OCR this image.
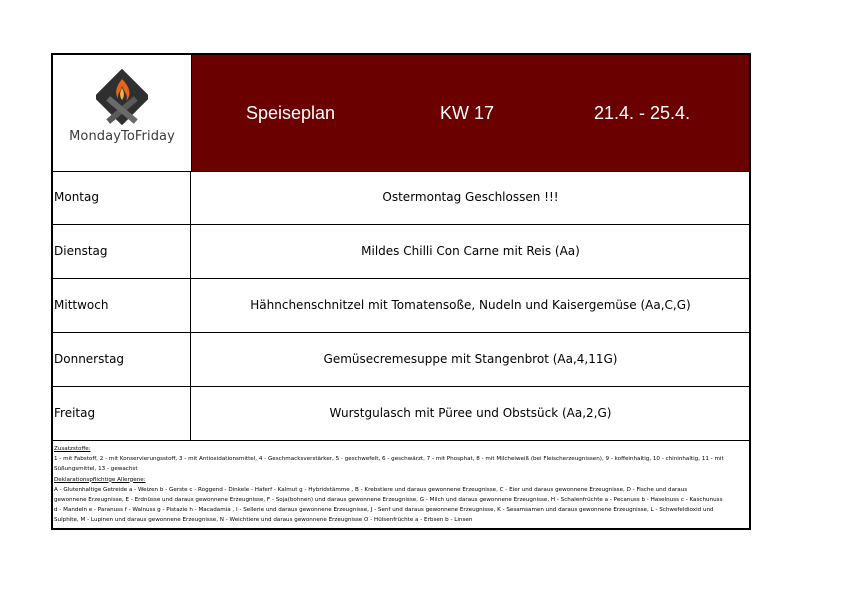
MondayToFriday
Speiseplan	KW 17	21.4. - 25.4.
Montag	Ostermontag Geschlossen !!!
Dienstag	Mildes Chilli Con Carne mit Reis (Aa)
Mittwoch	Hähnchenschnitzel mit Tomatensoße, Nudeln und Kaisergemüse (Aa,C,G)
Donnerstag	Gemüsecremesuppe mit Stangenbrot (Aa,4,11G)
Freitag	Wurstgulasch mit Püree und Obstsück (Aa,2,G)
Zusatzstoffe:
1 - mit Fabstoff, 2 - mit Konservierungsstoff, 3 - mit Antioxidationsmittel, 4 - Geschmacksverstärker, 5 - geschwefelt, 6 - geschwärzt, 7 - mit Phosphat, 8 - mit Milcheiweiß (bei Fleischerzeugnissen), 9 - koffeinhaltig, 10 - chininhaltig, 11 - mit
Süßungsmittel, 13 - gewachst
Deklarationspflichtige Allergene:
A - Glutenhaltige Getreide a - Weizen b - Gerste c - Roggend - Dinkele - Haferf - Kalmut g - Hybridstämme , B - Krebstiere und daraus gewonnene Erzeugnisse, C - Eier und daraus gewonnene Erzeugnisse, D - Fische und daraus
gewonnene Erzeugnisse, E - Erdnüsse und daraus gewonnene Erzeugnisse, F - Soja(bohnen) und daraus gewonnene Erzeugnisse, G - Milch und daraus gewonnene Erzeugnisse, H - Schalenfrüchte a - Pecanuss b - Haselnuss c - Kaschunuss
d - Mandeln e - Paranuss f - Walnuss g - Pistazie h - Macadamia , I - Sellerie und daraus gewonnene Erzeugnisse, J - Senf und daraus gewonnene Erzeugnisse, K - Sesamsamen und daraus gewonnene Erzeugnisse, L - Schwefeldioxid und
Sulphite, M - Lupinen und daraus gewonnene Erzeugnisse, N - Weichtiere und daraus gewonnene Erzeugnisse O - Hülsenfrüchte a - Erbsen b - Linsen
